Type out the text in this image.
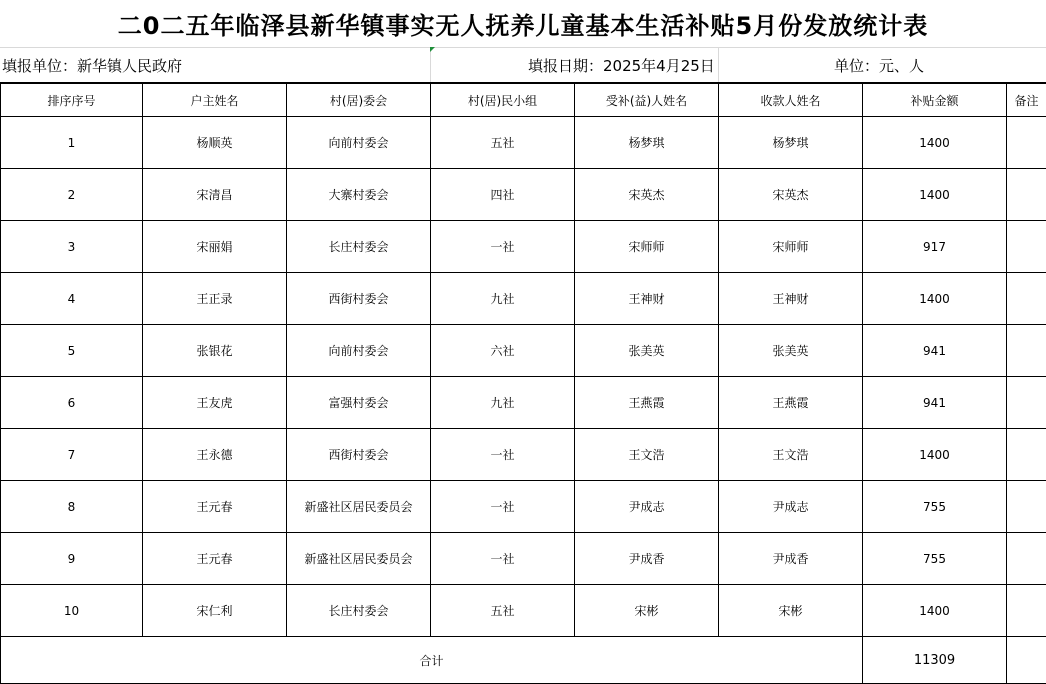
二0二五年临泽县新华镇事实无人抚养儿童基本生活补贴5月份发放统计表
填报单位：新华镇人民政府	填报日期：2025年4月25日	单位：元、人
排序序号	户主姓名	村(居)委会	村(居)民小组	受补(益)人姓名	收款人姓名	补贴金额	备注
1	杨顺英	向前村委会	五社	杨梦琪	杨梦琪	1400	
2	宋清昌	大寨村委会	四社	宋英杰	宋英杰	1400	
3	宋丽娟	长庄村委会	一社	宋师师	宋师师	917	
4	王正录	西街村委会	九社	王神财	王神财	1400	
5	张银花	向前村委会	六社	张美英	张美英	941	
6	王友虎	富强村委会	九社	王燕霞	王燕霞	941	
7	王永德	西街村委会	一社	王文浩	王文浩	1400	
8	王元春	新盛社区居民委员会	一社	尹成志	尹成志	755	
9	王元春	新盛社区居民委员会	一社	尹成香	尹成香	755	
10	宋仁利	长庄村委会	五社	宋彬	宋彬	1400	
合计						11309	
